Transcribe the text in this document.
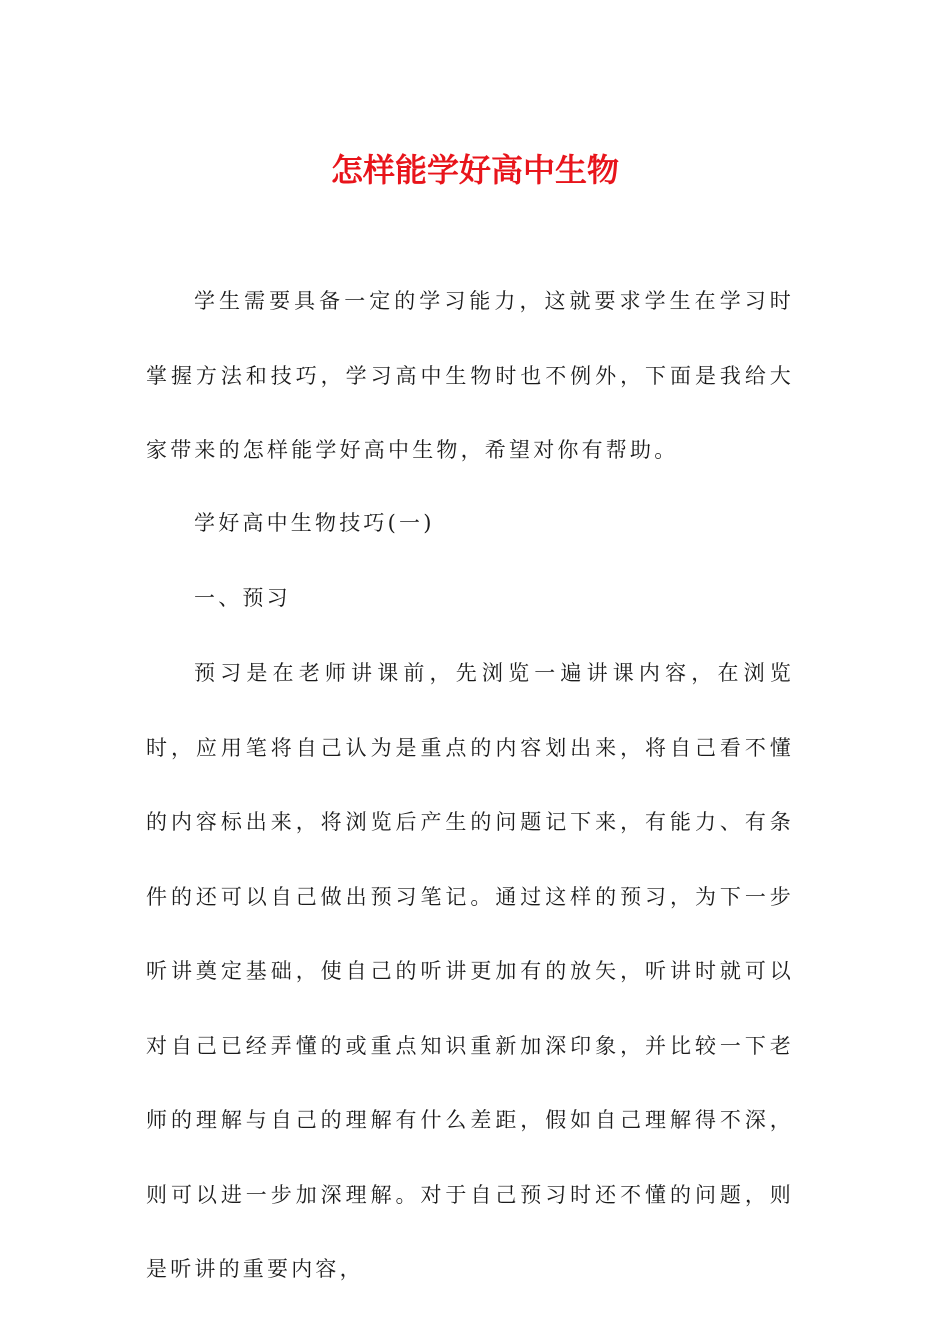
怎样能学好高中生物

学生需要具备一定的学习能力，这就要求学生在学习时掌握方法和技巧，学习高中生物时也不例外，下面是我给大家带来的怎样能学好高中生物，希望对你有帮助。

学好高中生物技巧(一)

一、预习

预习是在老师讲课前，先浏览一遍讲课内容，在浏览时，应用笔将自己认为是重点的内容划出来，将自己看不懂的内容标出来，将浏览后产生的问题记下来，有能力、有条件的还可以自己做出预习笔记。通过这样的预习，为下一步听讲奠定基础，使自己的听讲更加有的放矢，听讲时就可以对自己已经弄懂的或重点知识重新加深印象，并比较一下老师的理解与自己的理解有什么差距，假如自己理解得不深，则可以进一步加深理解。对于自己预习时还不懂的问题，则是听讲的重要内容，
